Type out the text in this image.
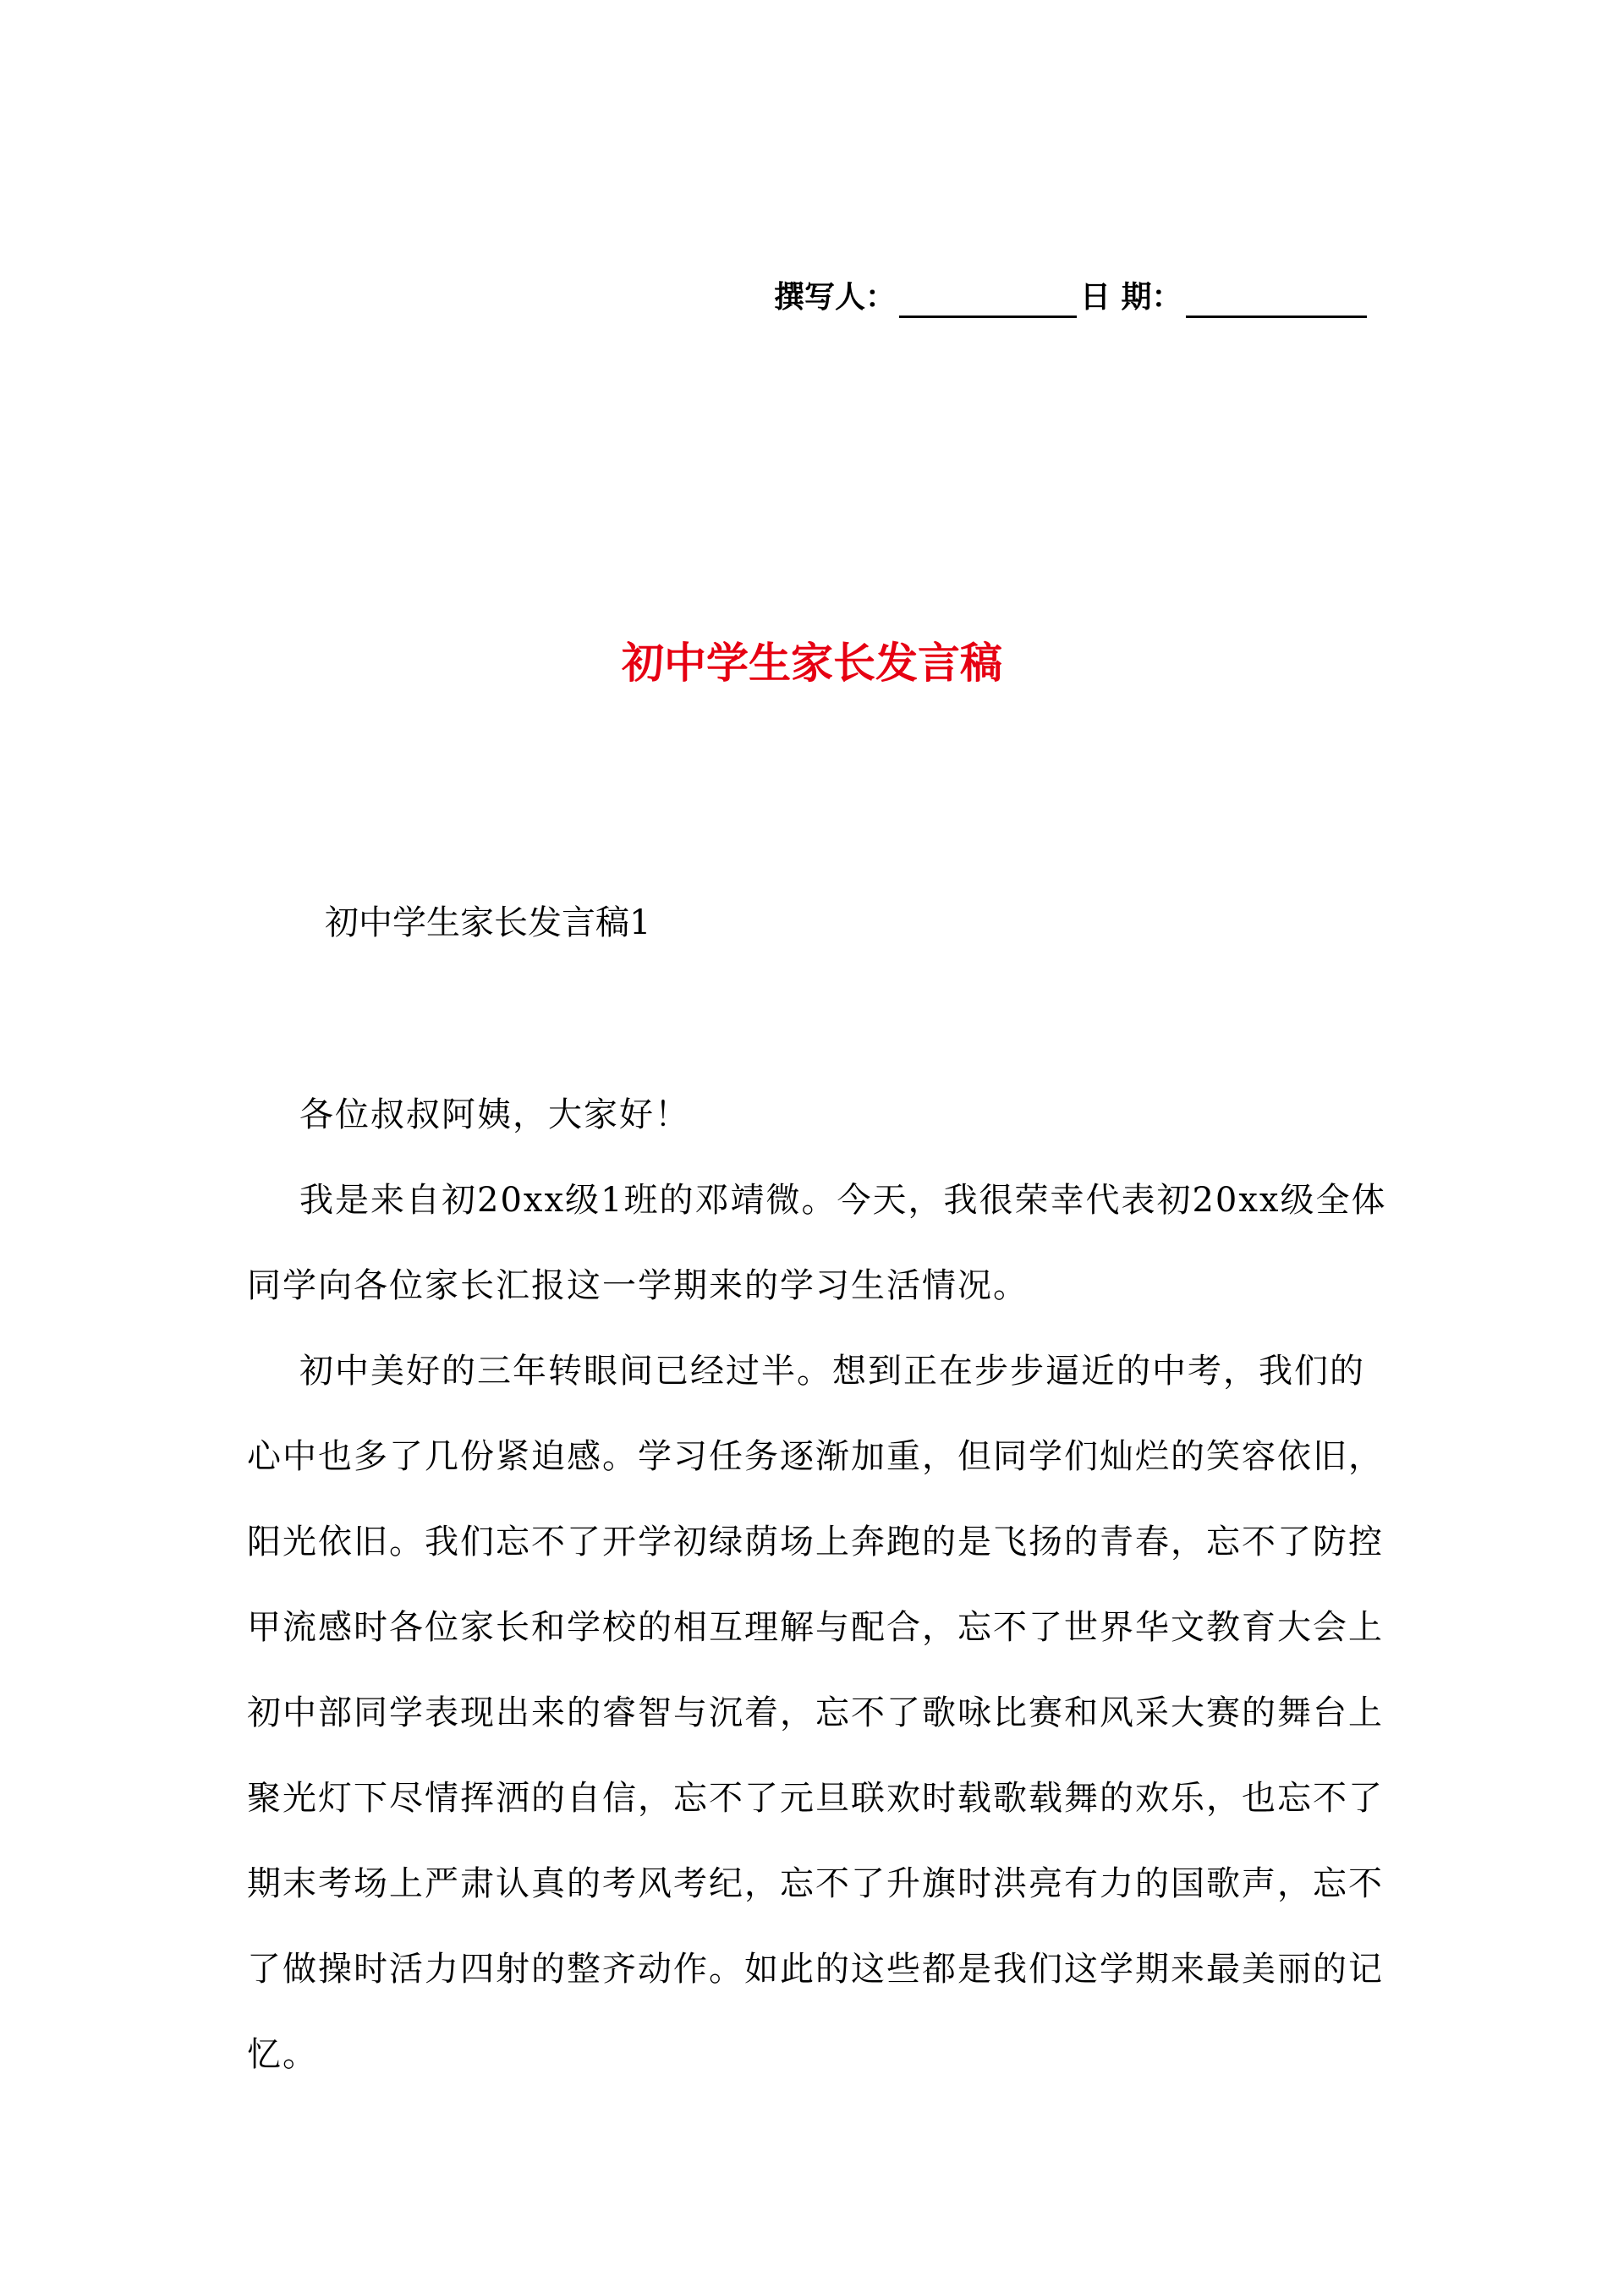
撰写人：	日 期：
初中学生家长发言稿
初中学生家长发言稿1

各位叔叔阿姨，大家好！

我是来自初20xx级1班的邓靖微。今天，我很荣幸代表初20xx级全体同学向各位家长汇报这一学期来的学习生活情况。

初中美好的三年转眼间已经过半。想到正在步步逼近的中考，我们的心中也多了几份紧迫感。学习任务逐渐加重，但同学们灿烂的笑容依旧，阳光依旧。我们忘不了开学初绿荫场上奔跑的是飞扬的青春，忘不了防控甲流感时各位家长和学校的相互理解与配合，忘不了世界华文教育大会上初中部同学表现出来的睿智与沉着，忘不了歌咏比赛和风采大赛的舞台上聚光灯下尽情挥洒的自信，忘不了元旦联欢时载歌载舞的欢乐，也忘不了期末考场上严肃认真的考风考纪，忘不了升旗时洪亮有力的国歌声，忘不了做操时活力四射的整齐动作。如此的这些都是我们这学期来最美丽的记忆。
